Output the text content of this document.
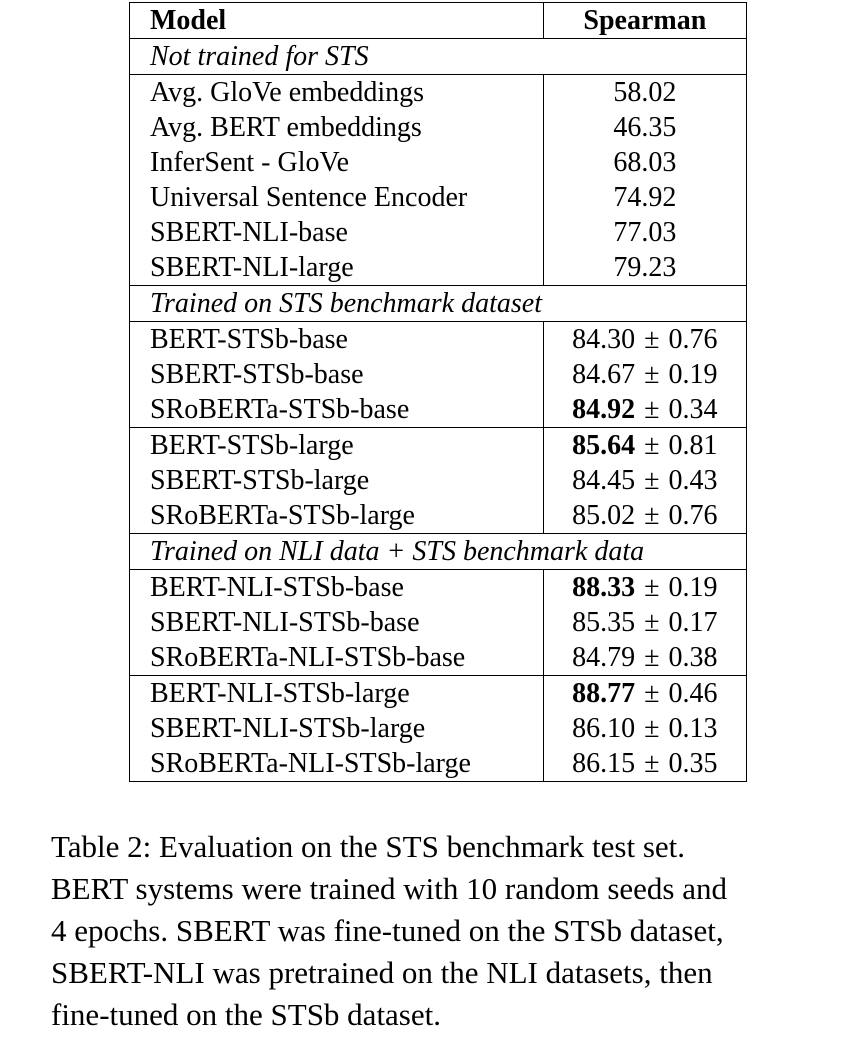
Model	Spearman
Not trained for STS	
Avg. GloVe embeddings	58.02
Avg. BERT embeddings	46.35
InferSent - GloVe	68.03
Universal Sentence Encoder	74.92
SBERT-NLI-base	77.03
SBERT-NLI-large	79.23
Trained on STS benchmark dataset	
BERT-STSb-base	84.30 ± 0.76
SBERT-STSb-base	84.67 ± 0.19
SRoBERTa-STSb-base	84.92 ± 0.34
BERT-STSb-large	85.64 ± 0.81
SBERT-STSb-large	84.45 ± 0.43
SRoBERTa-STSb-large	85.02 ± 0.76
Trained on NLI data + STS benchmark data	
BERT-NLI-STSb-base	88.33 ± 0.19
SBERT-NLI-STSb-base	85.35 ± 0.17
SRoBERTa-NLI-STSb-base	84.79 ± 0.38
BERT-NLI-STSb-large	88.77 ± 0.46
SBERT-NLI-STSb-large	86.10 ± 0.13
SRoBERTa-NLI-STSb-large	86.15 ± 0.35
Table 2: Evaluation on the STS benchmark test set.
BERT systems were trained with 10 random seeds and
4 epochs. SBERT was fine-tuned on the STSb dataset,
SBERT-NLI was pretrained on the NLI datasets, then
fine-tuned on the STSb dataset.
